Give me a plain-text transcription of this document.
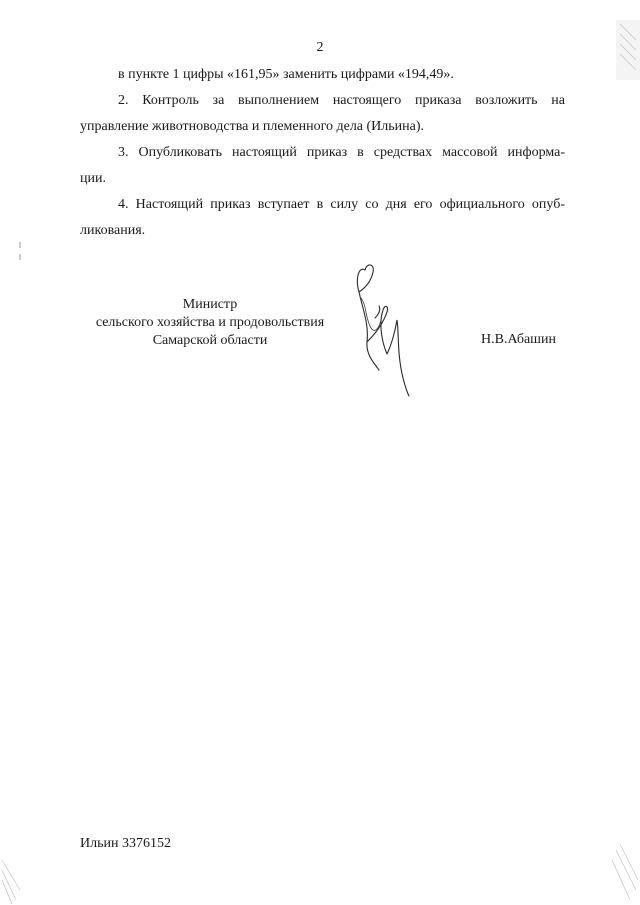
2
в пункте 1 цифры «161,95» заменить цифрами «194,49».
2. Контроль за выполнением настоящего приказа возложить на
управление животноводства и племенного дела (Ильина).
3. Опубликовать настоящий приказ в средствах массовой информа-
ции.
4. Настоящий приказ вступает в силу со дня его официального опуб-
ликования.
Министр
сельского хозяйства и продовольствия
Самарской области	Н.В.Абашин
Ильин 3376152
